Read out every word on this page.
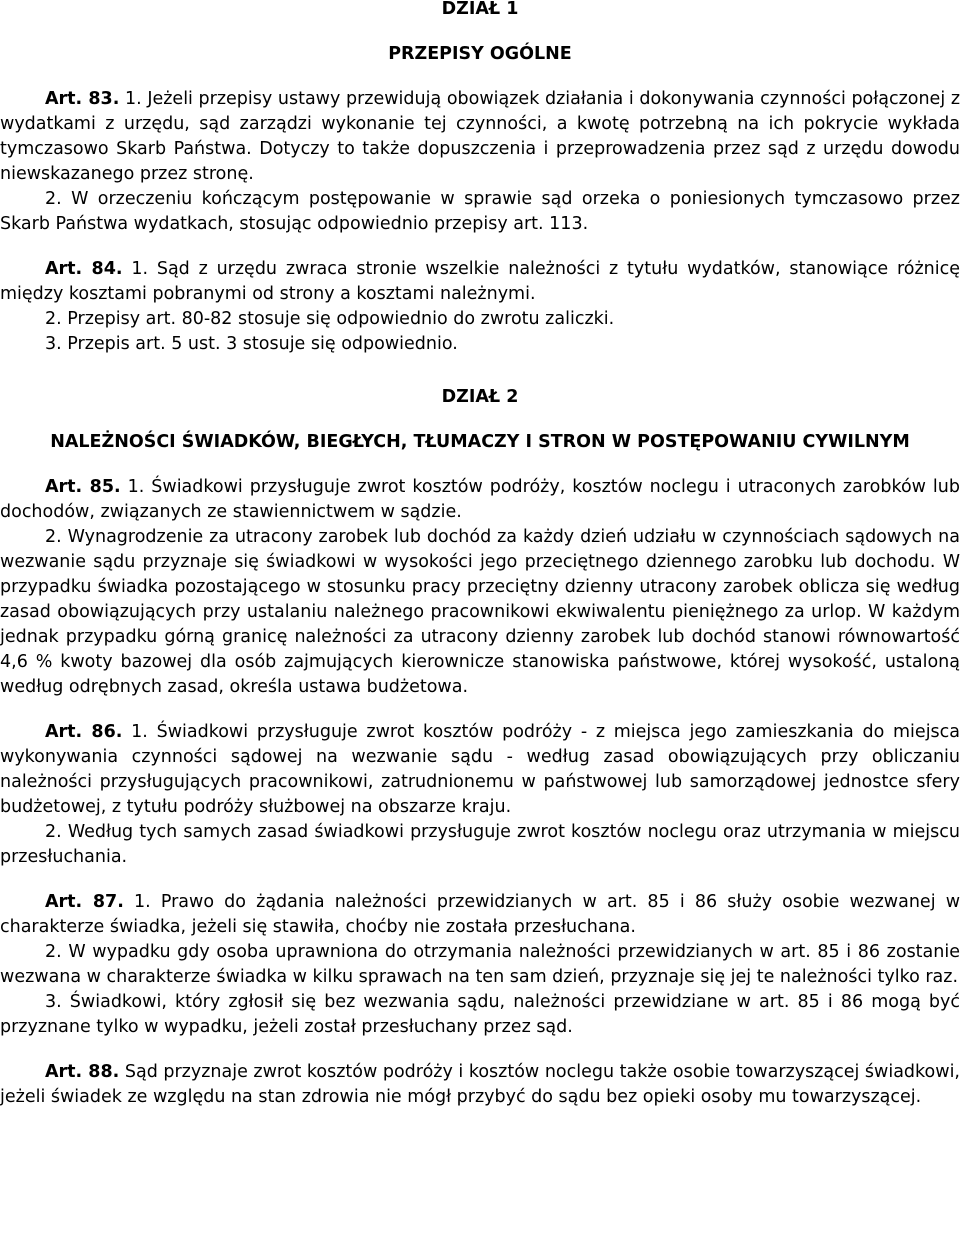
DZIAŁ 1

PRZEPISY OGÓLNE

Art. 83. 1. Jeżeli przepisy ustawy przewidują obowiązek działania i dokonywania czynności połączonej z wydatkami z urzędu, sąd zarządzi wykonanie tej czynności, a kwotę potrzebną na ich pokrycie wykłada tymczasowo Skarb Państwa. Dotyczy to także dopuszczenia i przeprowadzenia przez sąd z urzędu dowodu niewskazanego przez stronę.

2. W orzeczeniu kończącym postępowanie w sprawie sąd orzeka o poniesionych tymczasowo przez Skarb Państwa wydatkach, stosując odpowiednio przepisy art. 113.

Art. 84. 1. Sąd z urzędu zwraca stronie wszelkie należności z tytułu wydatków, stanowiące różnicę między kosztami pobranymi od strony a kosztami należnymi.

2. Przepisy art. 80-82 stosuje się odpowiednio do zwrotu zaliczki.

3. Przepis art. 5 ust. 3 stosuje się odpowiednio.

DZIAŁ 2

NALEŻNOŚCI ŚWIADKÓW, BIEGŁYCH, TŁUMACZY I STRON W POSTĘPOWANIU CYWILNYM

Art. 85. 1. Świadkowi przysługuje zwrot kosztów podróży, kosztów noclegu i utraconych zarobków lub dochodów, związanych ze stawiennictwem w sądzie.

2. Wynagrodzenie za utracony zarobek lub dochód za każdy dzień udziału w czynnościach sądowych na wezwanie sądu przyznaje się świadkowi w wysokości jego przeciętnego dziennego zarobku lub dochodu. W przypadku świadka pozostającego w stosunku pracy przeciętny dzienny utracony zarobek oblicza się według zasad obowiązujących przy ustalaniu należnego pracownikowi ekwiwalentu pieniężnego za urlop. W każdym jednak przypadku górną granicę należności za utracony dzienny zarobek lub dochód stanowi równowartość 4,6 % kwoty bazowej dla osób zajmujących kierownicze stanowiska państwowe, której wysokość, ustaloną według odrębnych zasad, określa ustawa budżetowa.

Art. 86. 1. Świadkowi przysługuje zwrot kosztów podróży - z miejsca jego zamieszkania do miejsca wykonywania czynności sądowej na wezwanie sądu - według zasad obowiązujących przy obliczaniu należności przysługujących pracownikowi, zatrudnionemu w państwowej lub samorządowej jednostce sfery budżetowej, z tytułu podróży służbowej na obszarze kraju.

2. Według tych samych zasad świadkowi przysługuje zwrot kosztów noclegu oraz utrzymania w miejscu przesłuchania.

Art. 87. 1. Prawo do żądania należności przewidzianych w art. 85 i 86 służy osobie wezwanej w charakterze świadka, jeżeli się stawiła, choćby nie została przesłuchana.

2. W wypadku gdy osoba uprawniona do otrzymania należności przewidzianych w art. 85 i 86 zostanie wezwana w charakterze świadka w kilku sprawach na ten sam dzień, przyznaje się jej te należności tylko raz.

3. Świadkowi, który zgłosił się bez wezwania sądu, należności przewidziane w art. 85 i 86 mogą być przyznane tylko w wypadku, jeżeli został przesłuchany przez sąd.

Art. 88. Sąd przyznaje zwrot kosztów podróży i kosztów noclegu także osobie towarzyszącej świadkowi, jeżeli świadek ze względu na stan zdrowia nie mógł przybyć do sądu bez opieki osoby mu towarzyszącej.
